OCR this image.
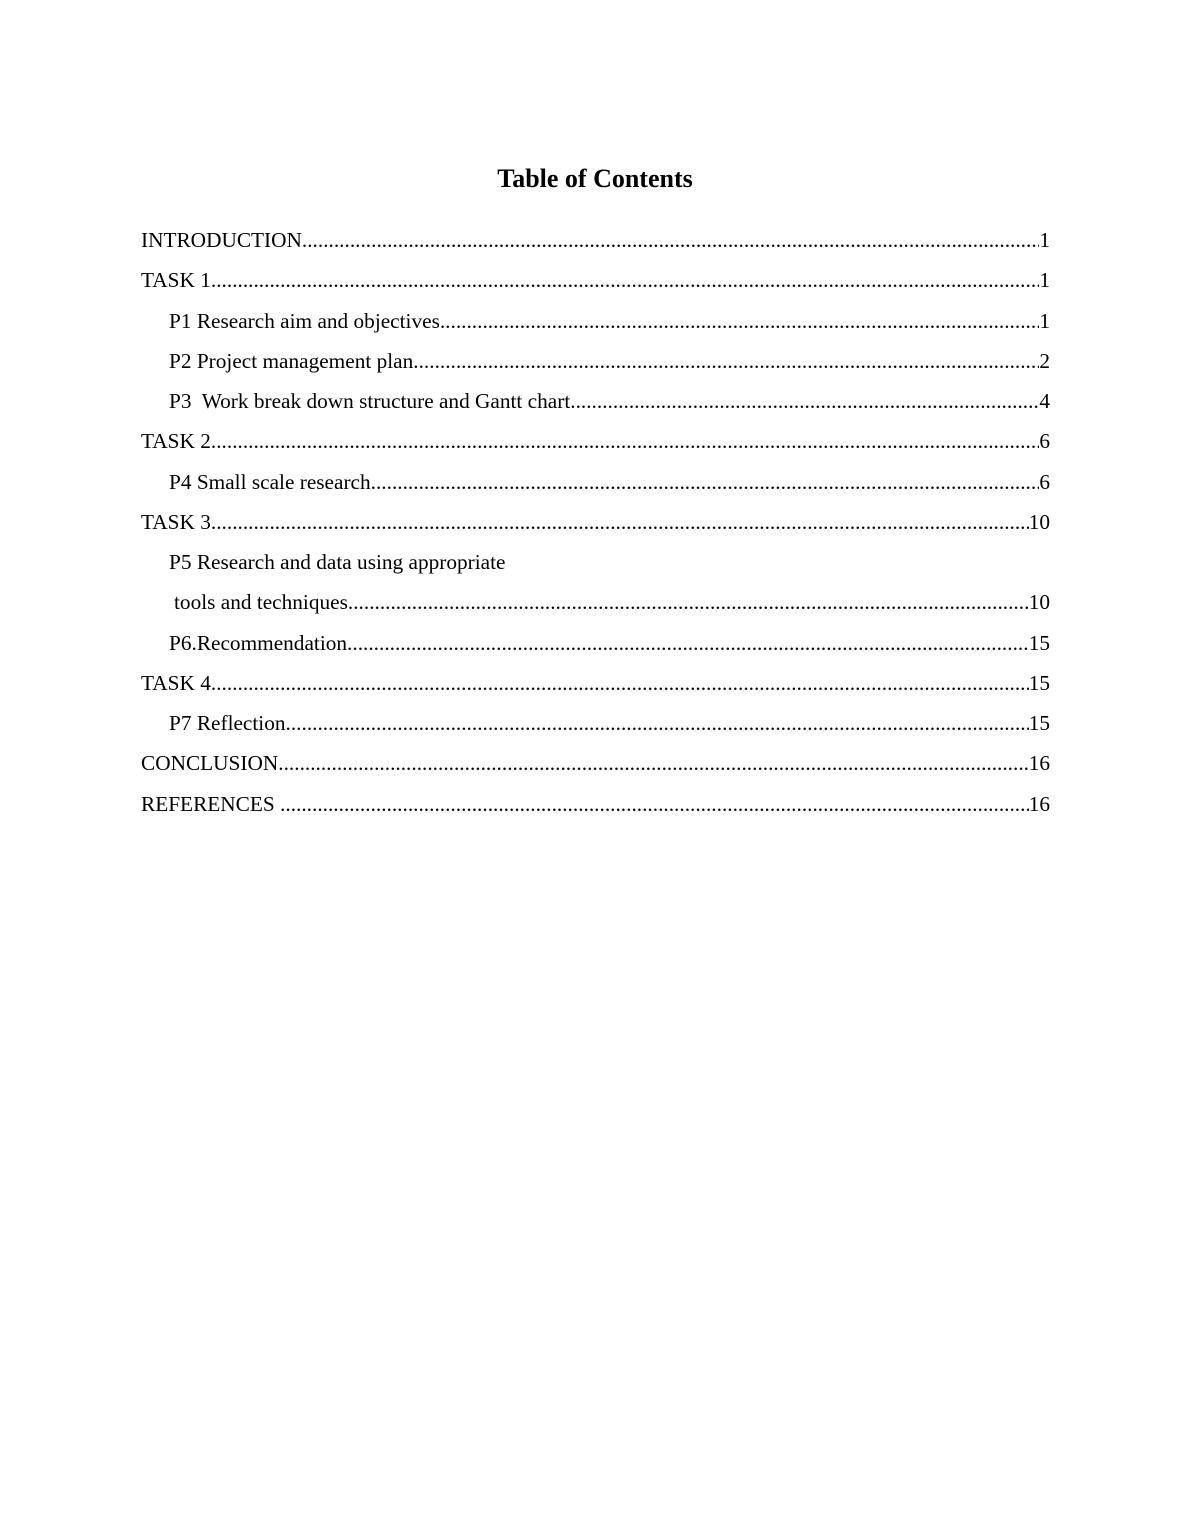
Table of Contents
INTRODUCTION .....	1
TASK 1 .....	1
P1 Research aim and objectives .....	1
P2 Project management plan .....	2
P3  Work break down structure and Gantt chart .....	4
TASK 2 .....	6
P4 Small scale research .....	6
TASK 3 .....	10
P5 Research and data using appropriate
tools and techniques .....	10
P6.Recommendation .....	15
TASK 4 .....	15
P7 Reflection .....	15
CONCLUSION .....	16
REFERENCES .....	16
